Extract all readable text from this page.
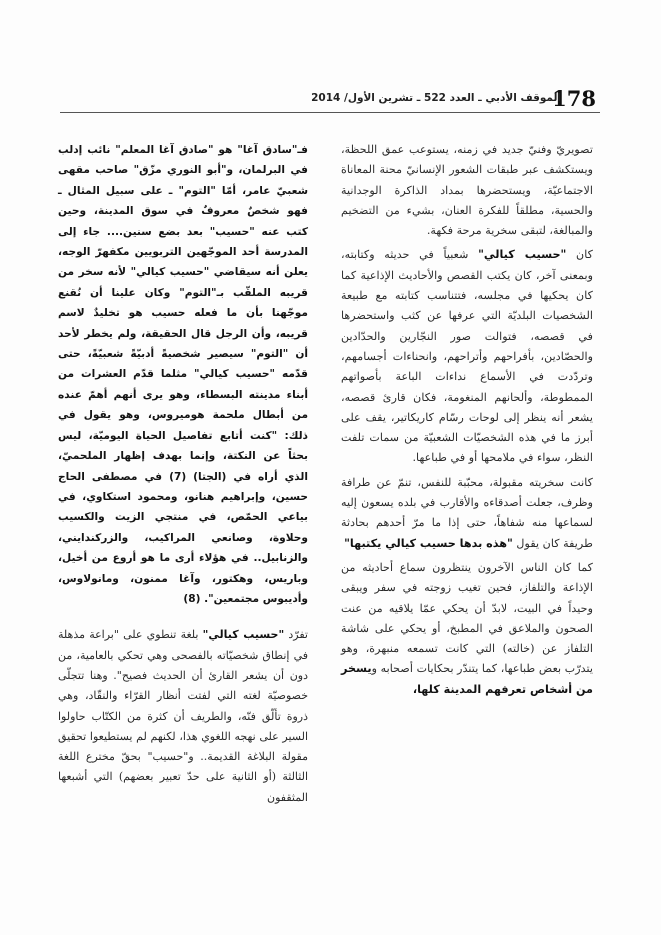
178
الموقف الأدبي ـ العدد 522 ـ تشرين الأول/ 2014

تصويريّ وفنيّ جديد في زمنه، يستوعب عمق اللحظة، ويستكشف عبر طبقات الشعور الإنسانيّ محنة المعاناة الاجتماعيّة، ويستحضرها بمداد الذاكرة الوجدانية والحسية، مطلقاً للفكرة العنان، بشيء من التضخيم والمبالغة، لتبقى سخرية مرحة فكهة.

كان "حسيب كيالي" شعبياً في حديثه وكتابته، وبمعنى آخر، كان يكتب القصص والأحاديث الإذاعية كما كان يحكيها في مجلسه، فتتناسب كتابته مع طبيعة الشخصيات البلديّة التي عرفها عن كثب واستحضرها في قصصه، فتوالت صور النجّارين والحدّادين والحصّادين، بأفراحهم وأتراحهم، وانحناءات أجسامهم، وتردّدت في الأسماع نداءات الباعة بأصواتهم الممطوطة، وألحانهم المنغومة، فكان قارئ قصصه، يشعر أنه ينظر إلى لوحات رسّام كاريكاتير، يقف على أبرز ما في هذه الشخصيّات الشعبيّة من سمات تلفت النظر، سواء في ملامحها أو في طباعها.

كانت سخريته مقبولة، محبّبة للنفس، تنمّ عن طرافة وظرف، جعلت أصدقاءه والأقارب في بلده يسعون إليه لسماعها منه شفاهاً، حتى إذا ما مرّ أحدهم بحادثة طريفة كان يقول "هذه بدها حسيب كيالي يكتبها"

كما كان الناس الآخرون ينتظرون سماع أحاديثه من الإذاعة والتلفاز، فحين تغيب زوجته في سفر ويبقى وحيداً في البيت، لابدّ أن يحكي عمّا يلاقيه من عنت الصحون والملاعق في المطبخ، أو يحكي على شاشة التلفاز عن (خالته) التي كانت تسمعه منبهرة، وهو يتدرّب بعض طباعها، كما يتندّر بحكايات أصحابه ويسخر من أشخاص تعرفهم المدينة كلها،

فـ"سادق آغا" هو "صادق آغا المعلم" نائب إدلب في البرلمان، و"أبو النوري مزّق" صاحب مقهى شعبيّ عامر، أمّا "التوم" ـ على سبيل المثال ـ فهو شخصٌ معروفٌ في سوق المدينة، وحين كتب عنه "حسيب" بعد بضع سنين.... جاء إلى المدرسة أحد الموجّهين التربويين مكفهرّ الوجه، يعلن أنه سيقاضي "حسيب كيالي" لأنه سخر من قريبه الملقّب بـ"التوم" وكان علينا أن نُقنع موجّهنا بأن ما فعله حسيب هو تخليدٌ لاسم قريبه، وأن الرجل قال الحقيقة، ولم يخطر لأحد أن "التوم" سيصير شخصيةً أدبيّةً شعبيّةً، حتى قدّمه "حسيب كيالي" مثلما قدّم العشرات من أبناء مدينته البسطاء، وهو يرى أنهم أهمّ عنده من أبطال ملحمة هوميروس، وهو يقول في ذلك: "كنت أتابع تفاصيل الحياة اليوميّة، ليس بحثاً عن النكتة، وإنما بهدف إظهار الملحميّ، الذي أراه في (الجتا) (7) في مصطفى الحاج حسين، وإبراهيم هنانو، ومحمود استكاوي، في بياعي الحمّص، في منتجي الزيت والكسيب وحلاوة، وصانعي المراكيب، والزركندايني، والزنابيل.. في هؤلاء أرى ما هو أروع من أخيل، وباريس، وهكتور، وآغا ممنون، ومانولاوس، وأديبوس مجتمعين". (8)

تفرّد "حسيب كيالي" بلغة تنطوي على "براعة مذهلة في إنطاق شخصيّاته بالفصحى وهي تحكي بالعامية، من دون أن يشعر القارئ أن الحديث فصيح". وهنا تتجلّى خصوصيّة لغته التي لفتت أنظار القرّاء والنقّاد، وهي ذروة تألّق فنّه، والطريف أن كثرة من الكتّاب حاولوا السير على نهجه اللغوي هذا، لكنهم لم يستطيعوا تحقيق مقولة البلاغة القديمة.. و"حسيب" بحقّ مخترع اللغة الثالثة (أو الثانية على حدّ تعبير بعضهم) التي أشبعها المثقفون
